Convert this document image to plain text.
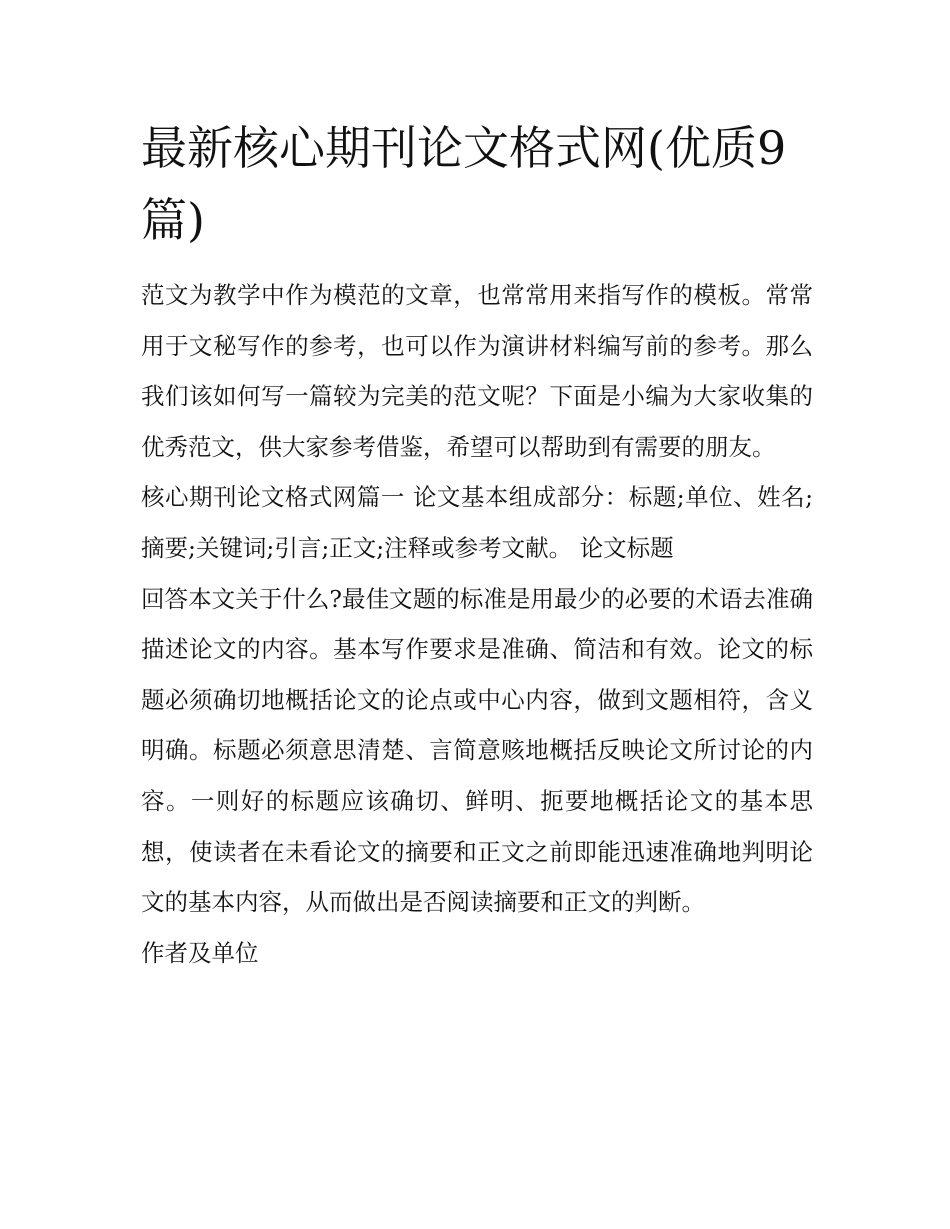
最新核心期刊论文格式网(优质9篇)

范文为教学中作为模范的文章，也常常用来指写作的模板。常常用于文秘写作的参考，也可以作为演讲材料编写前的参考。那么我们该如何写一篇较为完美的范文呢？下面是小编为大家收集的优秀范文，供大家参考借鉴，希望可以帮助到有需要的朋友。

核心期刊论文格式网篇一 论文基本组成部分：标题;单位、姓名;摘要;关键词;引言;正文;注释或参考文献。 论文标题

回答本文关于什么?最佳文题的标准是用最少的必要的术语去准确描述论文的内容。基本写作要求是准确、简洁和有效。论文的标题必须确切地概括论文的论点或中心内容，做到文题相符，含义明确。标题必须意思清楚、言简意赅地概括反映论文所讨论的内容。一则好的标题应该确切、鲜明、扼要地概括论文的基本思想，使读者在未看论文的摘要和正文之前即能迅速准确地判明论文的基本内容，从而做出是否阅读摘要和正文的判断。

作者及单位
